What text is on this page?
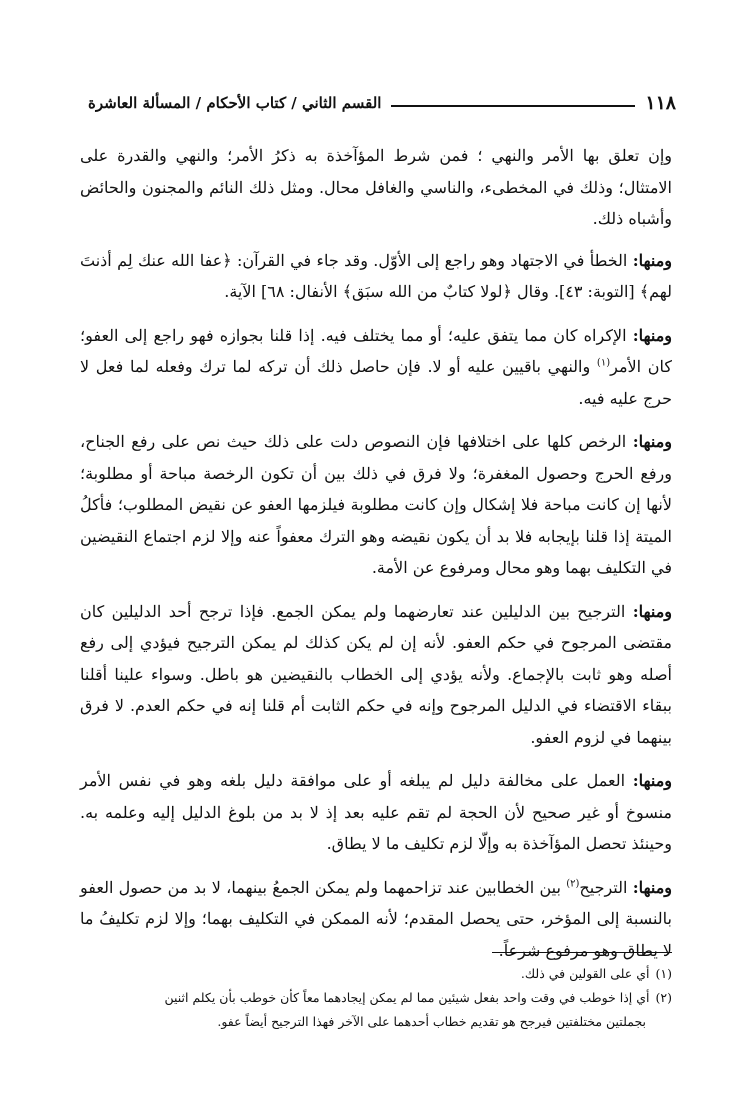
١١٨
القسم الثاني / كتاب الأحكام / المسألة العاشرة

وإن تعلق بها الأمر والنهي ؛ فمن شرط المؤآخذة به ذكرُ الأمر؛ والنهي والقدرة على الامتثال؛ وذلك في المخطىء، والناسي والغافل محال. ومثل ذلك النائم والمجنون والحائض وأشباه ذلك.

ومنها: الخطأ في الاجتهاد وهو راجع إلى الأوّل. وقد جاء في القرآن: ﴿عفا الله عنك لِم أذنتَ لهم﴾ [التوبة: ٤٣]. وقال ﴿لولا كتابٌ من الله سبَق﴾ الأنفال: ٦٨] الآية.

ومنها: الإكراه كان مما يتفق عليه؛ أو مما يختلف فيه. إذا قلنا بجوازه فهو راجع إلى العفو؛ كان الأمر$^{(١)}$ والنهي باقيين عليه أو لا. فإن حاصل ذلك أن تركه لما ترك وفعله لما فعل لا حرج عليه فيه.

ومنها: الرخص كلها على اختلافها فإن النصوص دلت على ذلك حيث نص على رفع الجناح، ورفع الحرج وحصول المغفرة؛ ولا فرق في ذلك بين أن تكون الرخصة مباحة أو مطلوبة؛ لأنها إن كانت مباحة فلا إشكال وإن كانت مطلوبة فيلزمها العفو عن نقيض المطلوب؛ فأكلُ الميتة إذا قلنا بإيجابه فلا بد أن يكون نقيضه وهو الترك معفواً عنه وإلا لزم اجتماع النقيضين في التكليف بهما وهو محال ومرفوع عن الأمة.

ومنها: الترجيح بين الدليلين عند تعارضهما ولم يمكن الجمع. فإذا ترجح أحد الدليلين كان مقتضى المرجوح في حكم العفو. لأنه إن لم يكن كذلك لم يمكن الترجيح فيؤدي إلى رفع أصله وهو ثابت بالإجماع. ولأنه يؤدي إلى الخطاب بالنقيضين هو باطل. وسواء علينا أقلنا ببقاء الاقتضاء في الدليل المرجوح وإنه في حكم الثابت أم قلنا إنه في حكم العدم. لا فرق بينهما في لزوم العفو.

ومنها: العمل على مخالفة دليل لم يبلغه أو على موافقة دليل بلغه وهو في نفس الأمر منسوخ أو غير صحيح لأن الحجة لم تقم عليه بعد إذ لا بد من بلوغ الدليل إليه وعلمه به. وحينئذ تحصل المؤآخذة به وإلّا لزم تكليف ما لا يطاق.

ومنها: الترجيح$^{(٢)}$ بين الخطابين عند تزاحمهما ولم يمكن الجمعُ بينهما، لا بد من حصول العفو بالنسبة إلى المؤخر، حتى يحصل المقدم؛ لأنه الممكن في التكليف بهما؛ وإلا لزم تكليفُ ما لا يطاق وهو مرفوع شرعاً.

(١)أي على القولين في ذلك.

(٢)أي إذا خوطب في وقت واحد بفعل شيئين مما لم يمكن إيجادهما معاً كأن خوطب بأن يكلم اثنين

بجملتين مختلفتين فيرجح هو تقديم خطاب أحدهما على الآخر فهذا الترجيح أيضاً عفو.
